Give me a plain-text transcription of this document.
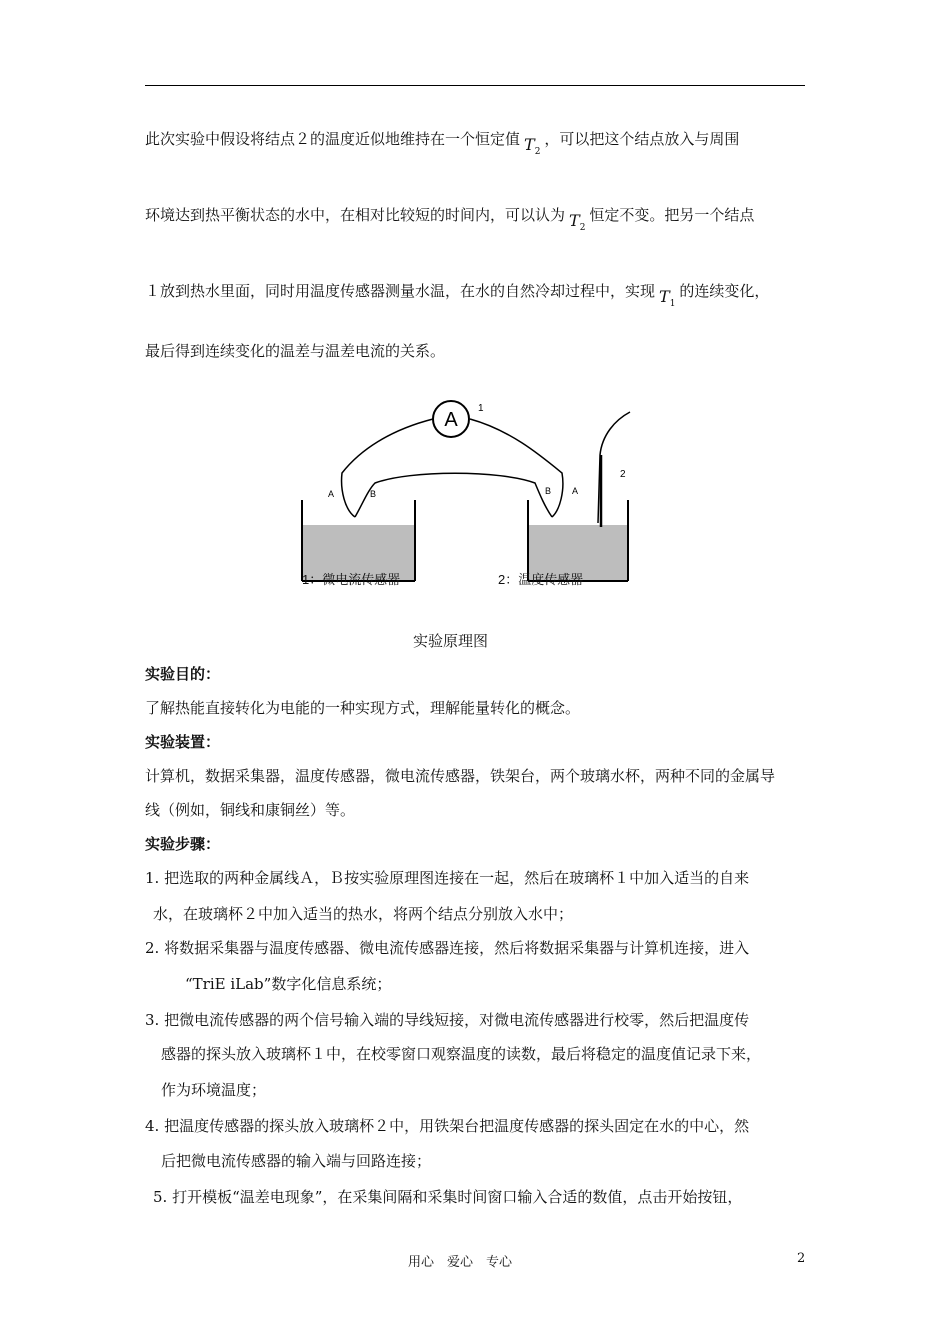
此次实验中假设将结点２的温度近似地维持在一个恒定值 $T_2$，可以把这个结点放入与周围
环境达到热平衡状态的水中，在相对比较短的时间内，可以认为 $T_2$恒定不变。把另一个结点
１放到热水里面，同时用温度传感器测量水温，在水的自然冷却过程中，实现 $T_1$的连续变化，
最后得到连续变化的温差与温差电流的关系。
A
1
2
A	B	B A
1：微电流传感器	2：温度传感器
实验原理图
实验目的：
了解热能直接转化为电能的一种实现方式，理解能量转化的概念。
实验装置：
计算机，数据采集器，温度传感器，微电流传感器，铁架台，两个玻璃水杯，两种不同的金属导
线（例如，铜线和康铜丝）等。
实验步骤：
1. 把选取的两种金属线Ａ，Ｂ按实验原理图连接在一起，然后在玻璃杯１中加入适当的自来
水，在玻璃杯２中加入适当的热水，将两个结点分别放入水中；
2. 将数据采集器与温度传感器、微电流传感器连接，然后将数据采集器与计算机连接，进入
“TriE iLab”数字化信息系统；
3. 把微电流传感器的两个信号输入端的导线短接，对微电流传感器进行校零，然后把温度传
感器的探头放入玻璃杯１中，在校零窗口观察温度的读数，最后将稳定的温度值记录下来，
作为环境温度；
4. 把温度传感器的探头放入玻璃杯２中，用铁架台把温度传感器的探头固定在水的中心，然
后把微电流传感器的输入端与回路连接；
5. 打开模板“温差电现象”，在采集间隔和采集时间窗口输入合适的数值，点击开始按钮，
用心　爱心　专心	2
